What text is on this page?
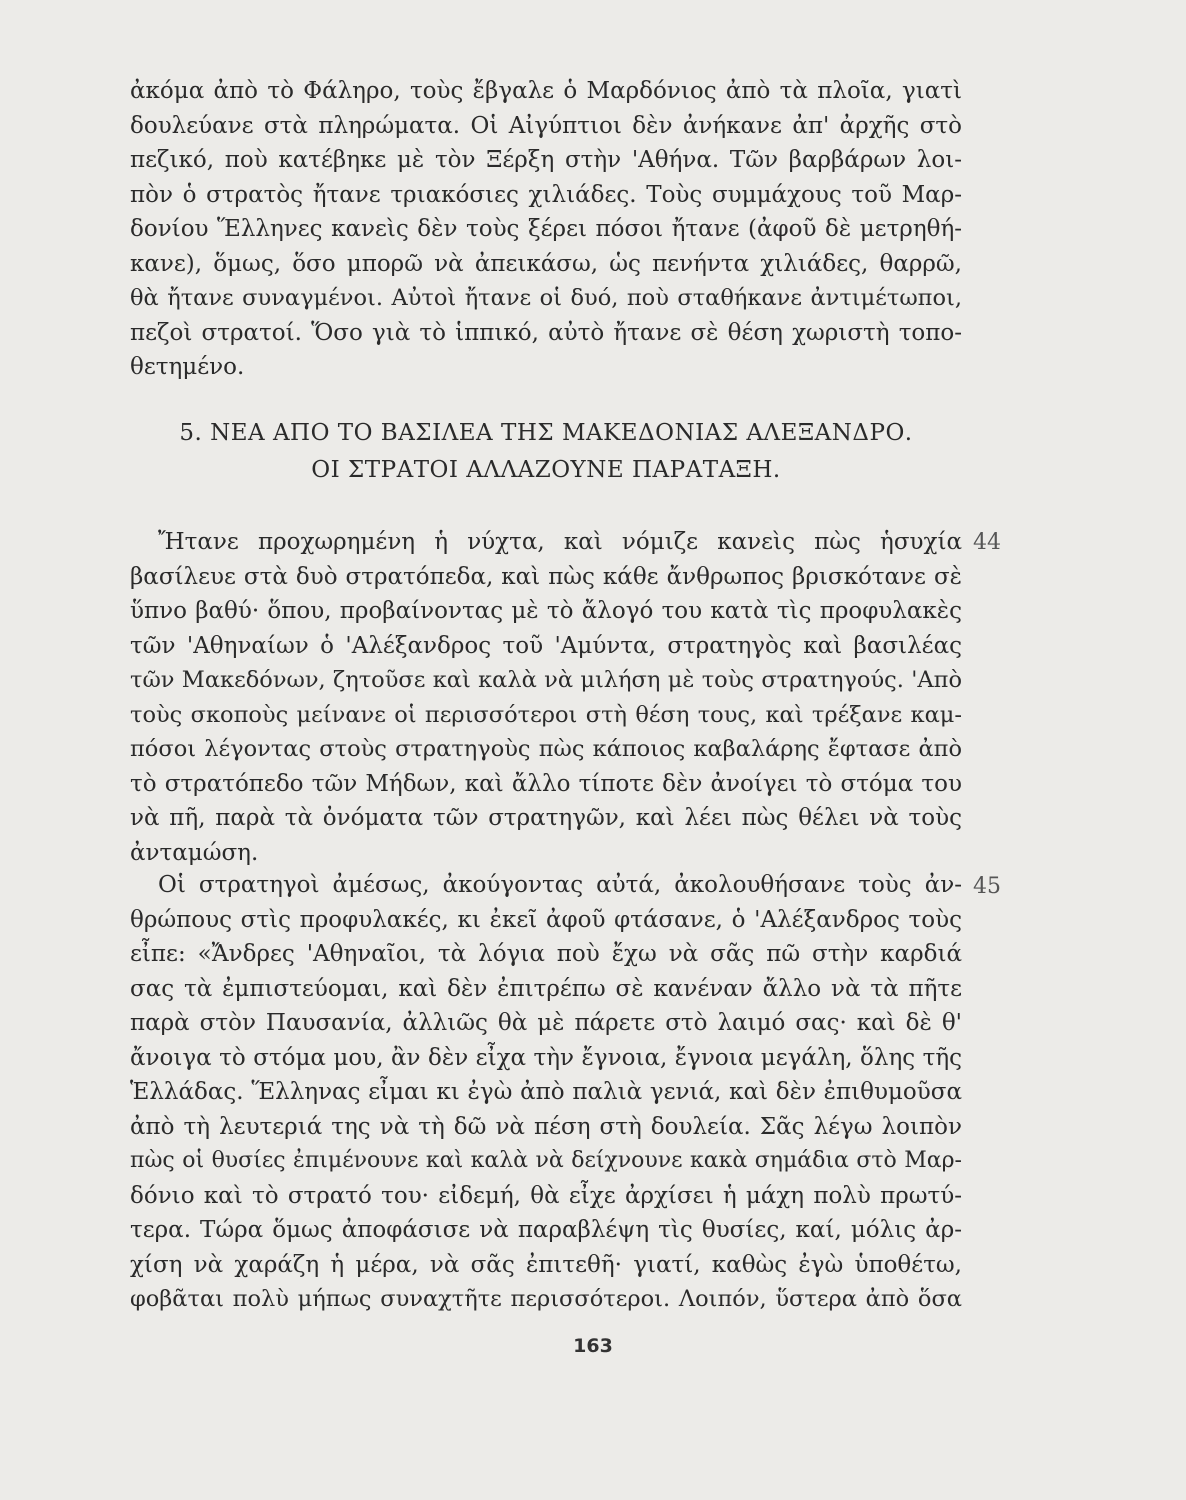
ἀκόμα ἀπὸ τὸ Φάληρο, τοὺς ἔβγαλε ὁ Μαρδόνιος ἀπὸ τὰ πλοῖα, γιατὶ
δουλεύανε στὰ πληρώματα. Οἱ Αἰγύπτιοι δὲν ἀνήκανε ἀπ' ἀρχῆς στὸ
πεζικό, ποὺ κατέβηκε μὲ τὸν Ξέρξη στὴν 'Αθήνα. Τῶν βαρβάρων λοι-
πὸν ὁ στρατὸς ἤτανε τριακόσιες χιλιάδες. Τοὺς συμμάχους τοῦ Μαρ-
δονίου Ἕλληνες κανεὶς δὲν τοὺς ξέρει πόσοι ἤτανε (ἀφοῦ δὲ μετρηθή-
κανε), ὅμως, ὅσο μπορῶ νὰ ἀπεικάσω, ὡς πενήντα χιλιάδες, θαρρῶ,
θὰ ἤτανε συναγμένοι. Αὐτοὶ ἤτανε οἱ δυό, ποὺ σταθήκανε ἀντιμέτωποι,
πεζοὶ στρατοί. Ὅσο γιὰ τὸ ἱππικό, αὐτὸ ἤτανε σὲ θέση χωριστὴ τοπο-
θετημένο.
5. ΝΕΑ ΑΠΟ ΤΟ ΒΑΣΙΛΕΑ ΤΗΣ ΜΑΚΕΔΟΝΙΑΣ ΑΛΕΞΑΝΔΡΟ.
ΟΙ ΣΤΡΑΤΟΙ ΑΛΛΑΖΟΥΝΕ ΠΑΡΑΤΑΞΗ.
Ἤτανε προχωρημένη ἡ νύχτα, καὶ νόμιζε κανεὶς πὼς ἡσυχία
βασίλευε στὰ δυὸ στρατόπεδα, καὶ πὼς κάθε ἄνθρωπος βρισκότανε σὲ
ὕπνο βαθύ· ὅπου, προβαίνοντας μὲ τὸ ἄλογό του κατὰ τὶς προφυλακὲς
τῶν 'Αθηναίων ὁ 'Αλέξανδρος τοῦ 'Αμύντα, στρατηγὸς καὶ βασιλέας
τῶν Μακεδόνων, ζητοῦσε καὶ καλὰ νὰ μιλήση μὲ τοὺς στρατηγούς. 'Απὸ
τοὺς σκοποὺς μείνανε οἱ περισσότεροι στὴ θέση τους, καὶ τρέξανε καμ-
πόσοι λέγοντας στοὺς στρατηγοὺς πὼς κάποιος καβαλάρης ἔφτασε ἀπὸ
τὸ στρατόπεδο τῶν Μήδων, καὶ ἄλλο τίποτε δὲν ἀνοίγει τὸ στόμα του
νὰ πῆ, παρὰ τὰ ὀνόματα τῶν στρατηγῶν, καὶ λέει πὼς θέλει νὰ τοὺς
ἀνταμώση.
Οἱ στρατηγοὶ ἀμέσως, ἀκούγοντας αὐτά, ἀκολουθήσανε τοὺς ἀν-
θρώπους στὶς προφυλακές, κι ἐκεῖ ἀφοῦ φτάσανε, ὁ 'Αλέξανδρος τοὺς
εἶπε: «Ἄνδρες 'Αθηναῖοι, τὰ λόγια ποὺ ἔχω νὰ σᾶς πῶ στὴν καρδιά
σας τὰ ἐμπιστεύομαι, καὶ δὲν ἐπιτρέπω σὲ κανέναν ἄλλο νὰ τὰ πῆτε
παρὰ στὸν Παυσανία, ἀλλιῶς θὰ μὲ πάρετε στὸ λαιμό σας· καὶ δὲ θ'
ἄνοιγα τὸ στόμα μου, ἂν δὲν εἶχα τὴν ἔγνοια, ἔγνοια μεγάλη, ὅλης τῆς
Ἑλλάδας. Ἕλληνας εἶμαι κι ἐγὼ ἀπὸ παλιὰ γενιά, καὶ δὲν ἐπιθυμοῦσα
ἀπὸ τὴ λευτεριά της νὰ τὴ δῶ νὰ πέση στὴ δουλεία. Σᾶς λέγω λοιπὸν
πὼς οἱ θυσίες ἐπιμένουνε καὶ καλὰ νὰ δείχνουνε κακὰ σημάδια στὸ Μαρ-
δόνιο καὶ τὸ στρατό του· εἰδεμή, θὰ εἶχε ἀρχίσει ἡ μάχη πολὺ πρωτύ-
τερα. Τώρα ὅμως ἀποφάσισε νὰ παραβλέψη τὶς θυσίες, καί, μόλις ἀρ-
χίση νὰ χαράζη ἡ μέρα, νὰ σᾶς ἐπιτεθῆ· γιατί, καθὼς ἐγὼ ὑποθέτω,
φοβᾶται πολὺ μήπως συναχτῆτε περισσότεροι. Λοιπόν, ὕστερα ἀπὸ ὅσα
44
45
163
